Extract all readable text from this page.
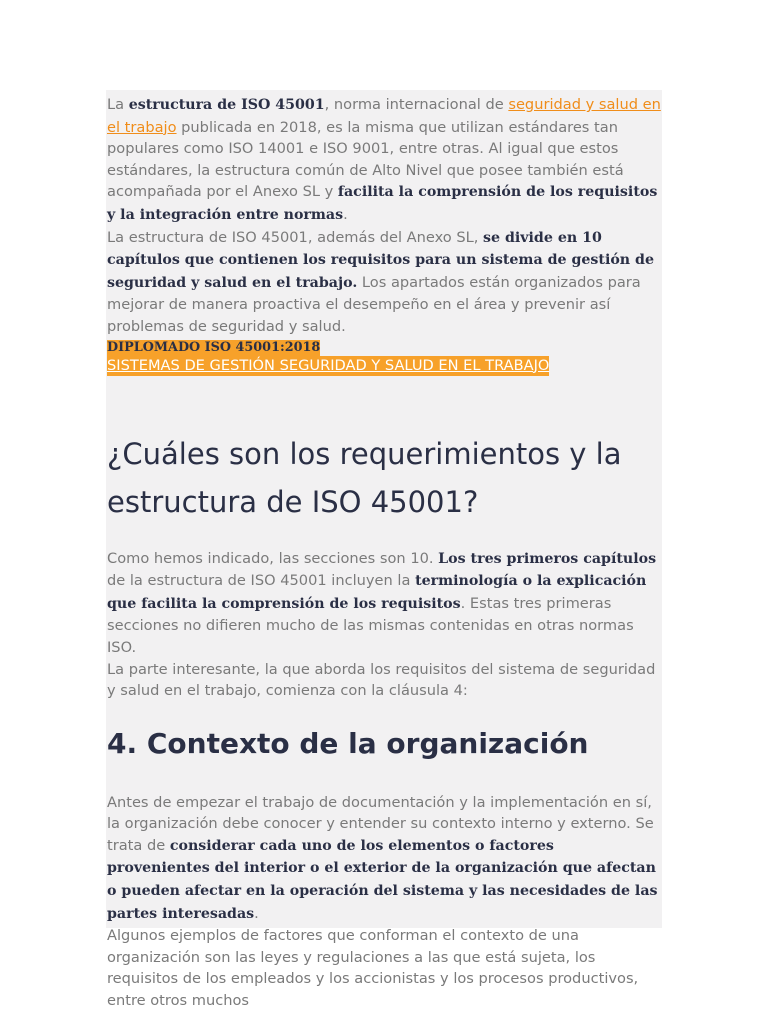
La estructura de ISO 45001, norma internacional de seguridad y salud en el trabajo publicada en 2018, es la misma que utilizan estándares tan populares como ISO 14001 e ISO 9001, entre otras. Al igual que estos estándares, la estructura común de Alto Nivel que posee también está acompañada por el Anexo SL y facilita la comprensión de los requisitos y la integración entre normas.

La estructura de ISO 45001, además del Anexo SL, se divide en 10 capítulos que contienen los requisitos para un sistema de gestión de seguridad y salud en el trabajo. Los apartados están organizados para mejorar de manera proactiva el desempeño en el área y prevenir así problemas de seguridad y salud.

DIPLOMADO ISO 45001:2018
SISTEMAS DE GESTIÓN SEGURIDAD Y SALUD EN EL TRABAJO
¿Cuáles son los requerimientos y la estructura de ISO 45001?

Como hemos indicado, las secciones son 10. Los tres primeros capítulos de la estructura de ISO 45001 incluyen la terminología o la explicación que facilita la comprensión de los requisitos. Estas tres primeras secciones no difieren mucho de las mismas contenidas en otras normas ISO.

La parte interesante, la que aborda los requisitos del sistema de seguridad y salud en el trabajo, comienza con la cláusula 4:

4. Contexto de la organización

Antes de empezar el trabajo de documentación y la implementación en sí, la organización debe conocer y entender su contexto interno y externo. Se trata de considerar cada uno de los elementos o factores provenientes del interior o el exterior de la organización que afectan o pueden afectar en la operación del sistema y las necesidades de las partes interesadas.

Algunos ejemplos de factores que conforman el contexto de una organización son las leyes y regulaciones a las que está sujeta, los requisitos de los empleados y los accionistas y los procesos productivos, entre otros muchos
